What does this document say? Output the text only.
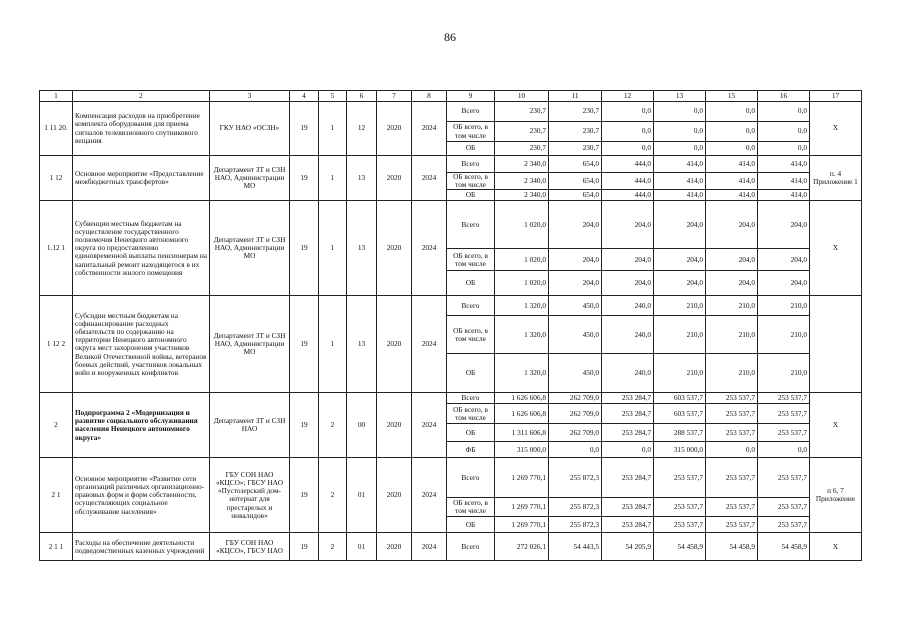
86
1	2	3	4	5	6	7	8	9	10	11	12	13	15	16	17
1 11 20.	Компенсация расходов на приобретение комплекта оборудования для приема сигналов телевизионного спутникового вещания	ГКУ НАО «ОСЗН»	19	1	12	2020	2024	Всего	230,7	230,7	0,0	0,0	0,0	0,0	Х
								ОБ всего, в том числе	230,7	230,7	0,0	0,0	0,0	0,0	
								ОБ	230,7	230,7	0,0	0,0	0,0	0,0	
1 12	Основное мероприятие «Предоставление межбюджетных трансфертов»	Департамент ЗТ и СЗН НАО, Администрации МО	19	1	13	2020	2024	Всего	2 340,0	654,0	444,0	414,0	414,0	414,0	п. 4 Приложение 1
								ОБ всего, в том числе	2 340,0	654,0	444,0	414,0	414,0	414,0	
								ОБ	2 340,0	654,0	444,0	414,0	414,0	414,0	
1.12 1	Субвенции местным бюджетам на осуществление государственного полномочия Ненецкого автономного округа по предоставлению единовременной выплаты пенсионерам на капитальный ремонт находящегося в их собственности жилого помещения	Департамент ЗТ и СЗН НАО, Администрации МО	19	1	13	2020	2024	Всего	1 020,0	204,0	204,0	204,0	204,0	204,0	Х
								ОБ всего, в том числе	1 020,0	204,0	204,0	204,0	204,0	204,0	
								ОБ	1 020,0	204,0	204,0	204,0	204,0	204,0	
1 12 2	Субсидии местным бюджетам на софинансирование расходных обязательств по содержанию на территории Ненецкого автономного округа мест захоронения участников Великой Отечественной войны, ветеранов боевых действий, участников локальных войн и вооруженных конфликтов	Департамент ЗТ и СЗН НАО, Администрации МО	19	1	13	2020	2024	Всего	1 320,0	450,0	240,0	210,0	210,0	210,0	
								ОБ всего, в том числе	1 320,0	450,0	240,0	210,0	210,0	210,0	
								ОБ	1 320,0	450,0	240,0	210,0	210,0	210,0	
2	Подпрограмма 2 «Модернизация и развитие социального обслуживания населения Ненецкого автономного округа»	Департамент ЗТ и СЗН НАО	19	2	00	2020	2024	Всего	1 626 606,8	262 709,0	253 284,7	603 537,7	253 537,7	253 537,7	Х
								ОБ всего, в том числе	1 626 606,8	262 709,0	253 284,7	603 537,7	253 537,7	253 537,7	
								ОБ	1 311 606,8	262 709,0	253 284,7	288 537,7	253 537,7	253 537,7	
								ФБ	315 000,0	0,0	0,0	315 000,0	0,0	0,0	
2 1	Основное мероприятие «Развитие сети организаций различных организационно-правовых форм и форм собственности, осуществляющих социальное обслуживание населения»	ГБУ СОН НАО «КЦСО»; ГБСУ НАО «Пустозерский дом-интернат для престарелых и инвалидов»	19	2	01	2020	2024	Всего	1 269 770,1	255 872,3	253 284,7	253 537,7	253 537,7	253 537,7	п 6, 7 Приложение
								ОБ всего, в том числе	1 269 770,1	255 872,3	253 284,7	253 537,7	253 537,7	253 537,7	
								ОБ	1 269 770,1	255 872,3	253 284,7	253 537,7	253 537,7	253 537,7	
2 1 1	Расходы на обеспечение деятельности подведомственных казенных учреждений	ГБУ СОН НАО «КЦСО», ГБСУ НАО	19	2	01	2020	2024	Всего	272 026,1	54 443,5	54 205,9	54 458,9	54 458,9	54 458,9	Х
